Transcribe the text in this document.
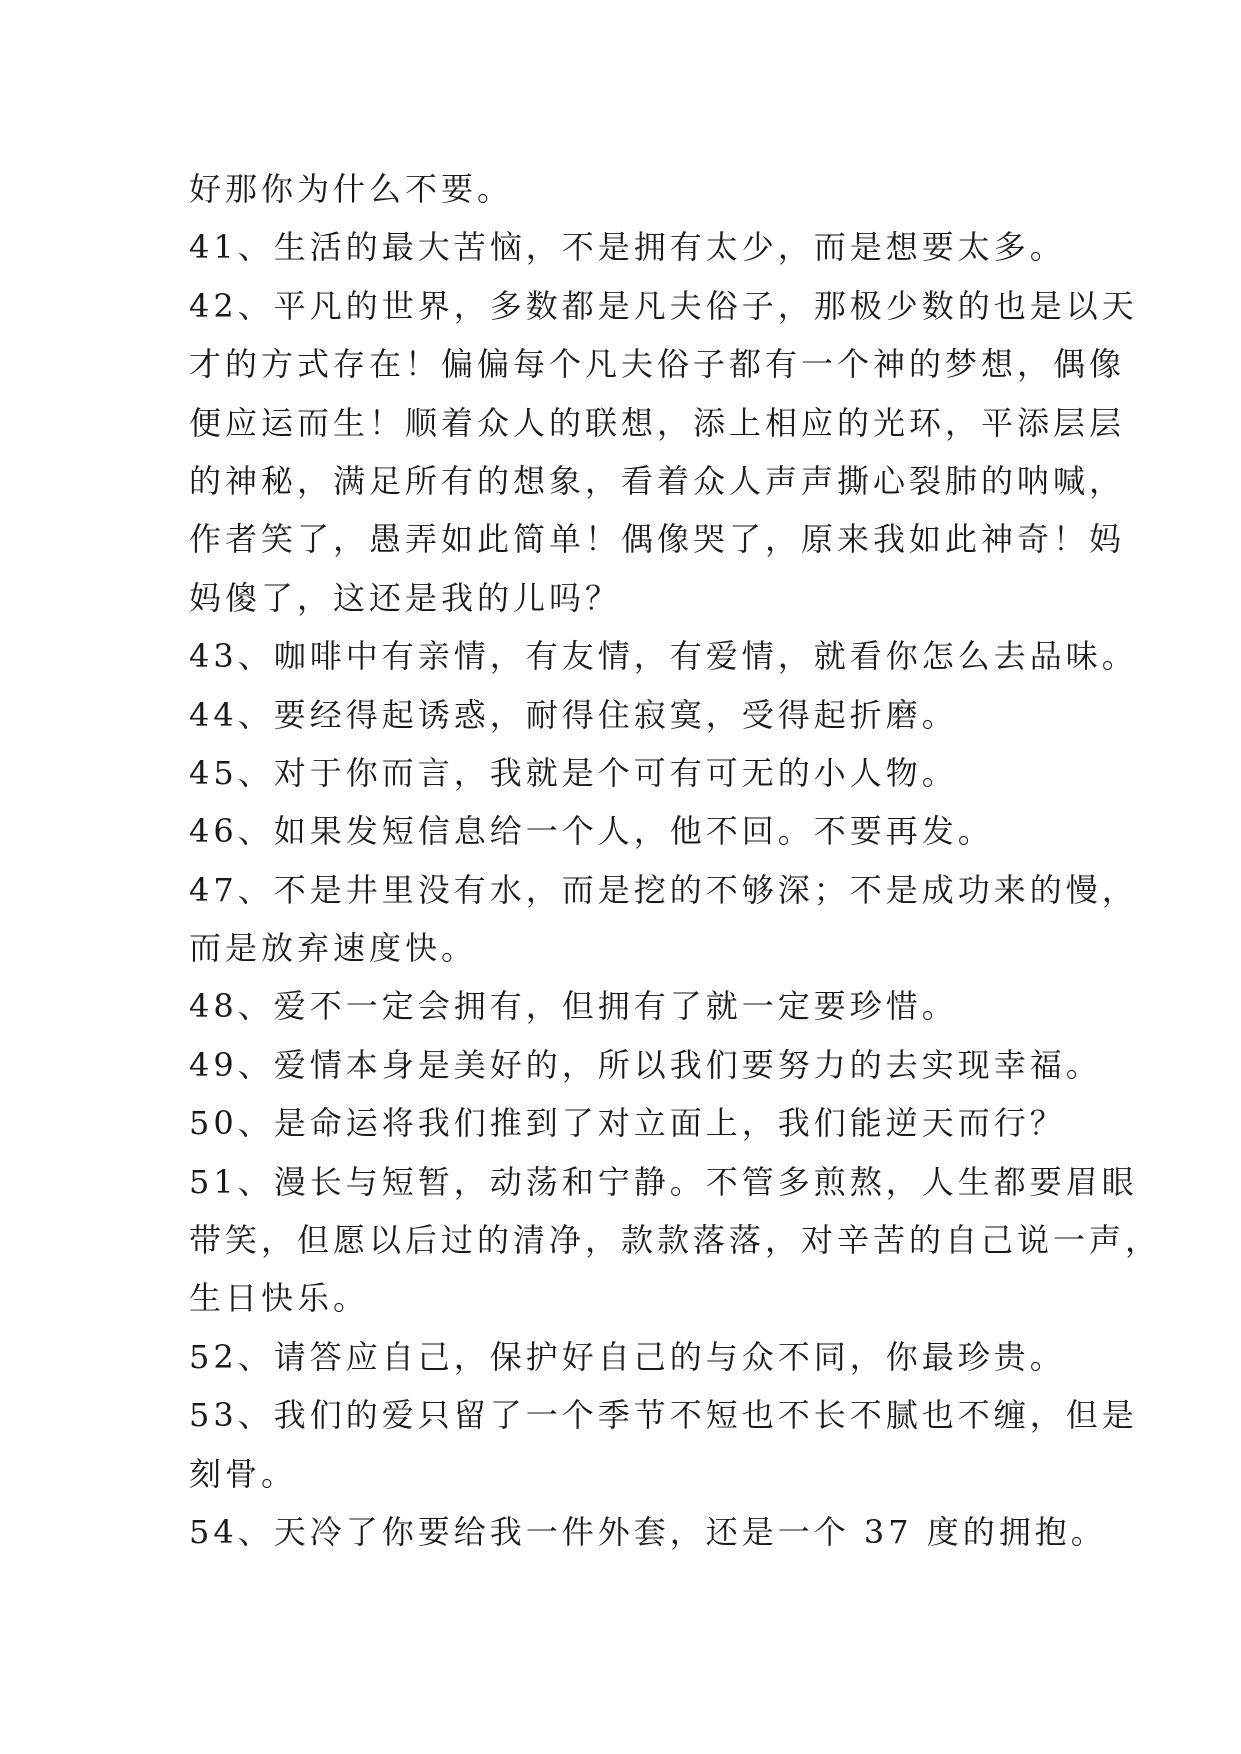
好那你为什么不要。
41、生活的最大苦恼，不是拥有太少，而是想要太多。
42、平凡的世界，多数都是凡夫俗子，那极少数的也是以天
才的方式存在！偏偏每个凡夫俗子都有一个神的梦想，偶像
便应运而生！顺着众人的联想，添上相应的光环，平添层层
的神秘，满足所有的想象，看着众人声声撕心裂肺的呐喊，
作者笑了，愚弄如此简单！偶像哭了，原来我如此神奇！妈
妈傻了，这还是我的儿吗？
43、咖啡中有亲情，有友情，有爱情，就看你怎么去品味。
44、要经得起诱惑，耐得住寂寞，受得起折磨。
45、对于你而言，我就是个可有可无的小人物。
46、如果发短信息给一个人，他不回。不要再发。
47、不是井里没有水，而是挖的不够深；不是成功来的慢，
而是放弃速度快。
48、爱不一定会拥有，但拥有了就一定要珍惜。
49、爱情本身是美好的，所以我们要努力的去实现幸福。
50、是命运将我们推到了对立面上，我们能逆天而行？
51、漫长与短暂，动荡和宁静。不管多煎熬，人生都要眉眼
带笑，但愿以后过的清净，款款落落，对辛苦的自己说一声，
生日快乐。
52、请答应自己，保护好自己的与众不同，你最珍贵。
53、我们的爱只留了一个季节不短也不长不腻也不缠，但是
刻骨。
54、天冷了你要给我一件外套，还是一个 37 度的拥抱。
